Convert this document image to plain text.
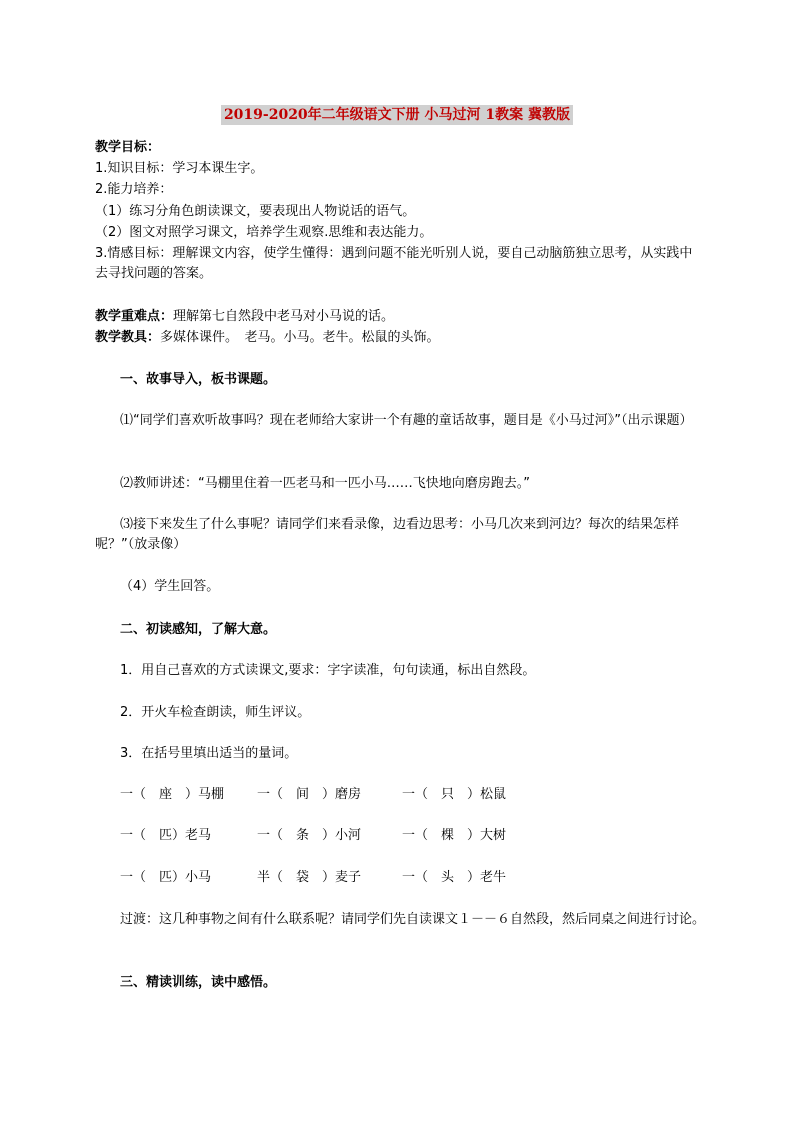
2019-2020年二年级语文下册 小马过河 1教案 冀教版
教学目标：
1.知识目标：学习本课生字。
2.能力培养：
（1）练习分角色朗读课文，要表现出人物说话的语气。
（2）图文对照学习课文，培养学生观察.思维和表达能力。
3.情感目标：理解课文内容，使学生懂得：遇到问题不能光听别人说，要自己动脑筋独立思考，从实践中去寻找问题的答案。
教学重难点：理解第七自然段中老马对小马说的话。
教学教具：多媒体课件。　老马。小马。老牛。松鼠的头饰。
一、故事导入，板书课题。
⑴“同学们喜欢听故事吗？现在老师给大家讲一个有趣的童话故事，题目是《小马过河》”（出示课题）
⑵教师讲述：“马棚里住着一匹老马和一匹小马……飞快地向磨房跑去。”
⑶接下来发生了什么事呢？请同学们来看录像，边看边思考：小马几次来到河边？每次的结果怎样呢？”（放录像）
（4）学生回答。
二、初读感知，了解大意。
1．用自己喜欢的方式读课文,要求：字字读准，句句读通，标出自然段。
2．开火车检查朗读，师生评议。
3．在括号里填出适当的量词。
一（　座　）马棚	一（　间　）磨房	一（　只　）松鼠
一（　匹）老马	一（　条　）小河	一（　棵　）大树
一（　匹）小马	半（　袋　）麦子	一（　头　）老牛
过渡：这几种事物之间有什么联系呢？请同学们先自读课文１－－６自然段，然后同桌之间进行讨论。
三、精读训练，读中感悟。
